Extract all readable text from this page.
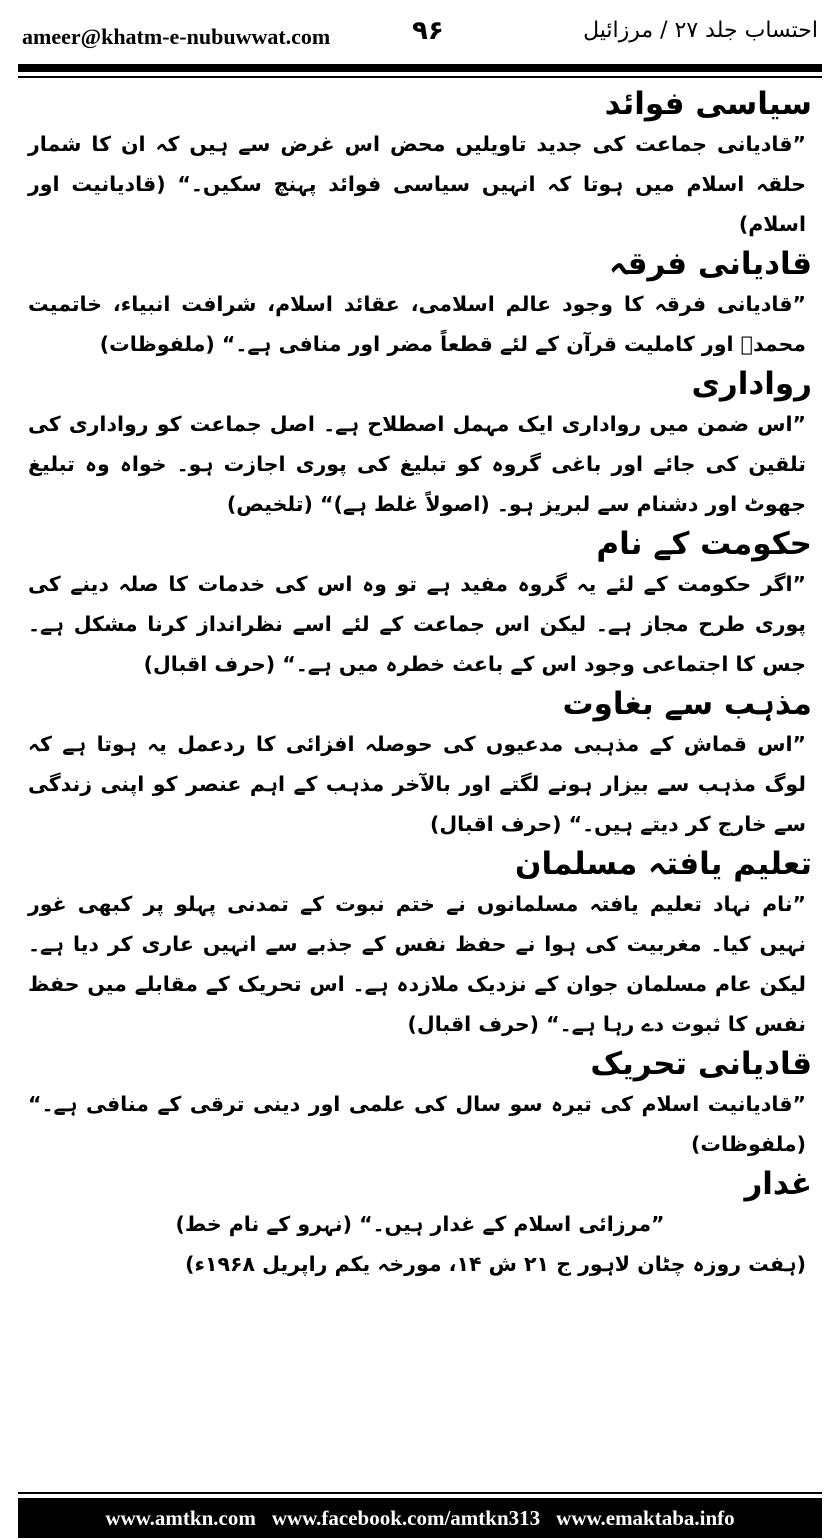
ameer@khatm-e-nubuwwat.com	۹۶	احتساب جلد ۲۷ / مرزائیل
سیاسی فوائد

”قادیانی جماعت کی جدید تاویلیں محض اس غرض سے ہیں کہ ان کا شمار حلقہ اسلام میں ہوتا کہ انہیں سیاسی فوائد پہنچ سکیں۔“ (قادیانیت اور اسلام)

قادیانی فرقہ

”قادیانی فرقہ کا وجود عالم اسلامی، عقائد اسلام، شرافت انبیاء، خاتمیت محمدؐ اور کاملیت قرآن کے لئے قطعاً مضر اور منافی ہے۔“ (ملفوظات)

رواداری

”اس ضمن میں رواداری ایک مہمل اصطلاح ہے۔ اصل جماعت کو رواداری کی تلقین کی جائے اور باغی گروہ کو تبلیغ کی پوری اجازت ہو۔ خواہ وہ تبلیغ جھوٹ اور دشنام سے لبریز ہو۔ (اصولاً غلط ہے)“ (تلخیص)

حکومت کے نام

”اگر حکومت کے لئے یہ گروہ مفید ہے تو وہ اس کی خدمات کا صلہ دینے کی پوری طرح مجاز ہے۔ لیکن اس جماعت کے لئے اسے نظرانداز کرنا مشکل ہے۔ جس کا اجتماعی وجود اس کے باعث خطرہ میں ہے۔“ (حرف اقبال)

مذہب سے بغاوت

”اس قماش کے مذہبی مدعیوں کی حوصلہ افزائی کا ردعمل یہ ہوتا ہے کہ لوگ مذہب سے بیزار ہونے لگتے اور بالآخر مذہب کے اہم عنصر کو اپنی زندگی سے خارج کر دیتے ہیں۔“ (حرف اقبال)

تعلیم یافتہ مسلمان

”نام نہاد تعلیم یافتہ مسلمانوں نے ختم نبوت کے تمدنی پہلو پر کبھی غور نہیں کیا۔ مغربیت کی ہوا نے حفظ نفس کے جذبے سے انہیں عاری کر دیا ہے۔ لیکن عام مسلمان جوان کے نزدیک ملازدہ ہے۔ اس تحریک کے مقابلے میں حفظ نفس کا ثبوت دے رہا ہے۔“ (حرف اقبال)

قادیانی تحریک

”قادیانیت اسلام کی تیرہ سو سال کی علمی اور دینی ترقی کے منافی ہے۔“ (ملفوظات)

غدار

”مرزائی اسلام کے غدار ہیں۔“ (نہرو کے نام خط)

(ہفت روزہ چٹان لاہور ج ۲۱ ش ۱۴، مورخہ یکم راپریل ۱۹۶۸ء)

www.amtkn.com www.facebook.com/amtkn313 www.emaktaba.info
